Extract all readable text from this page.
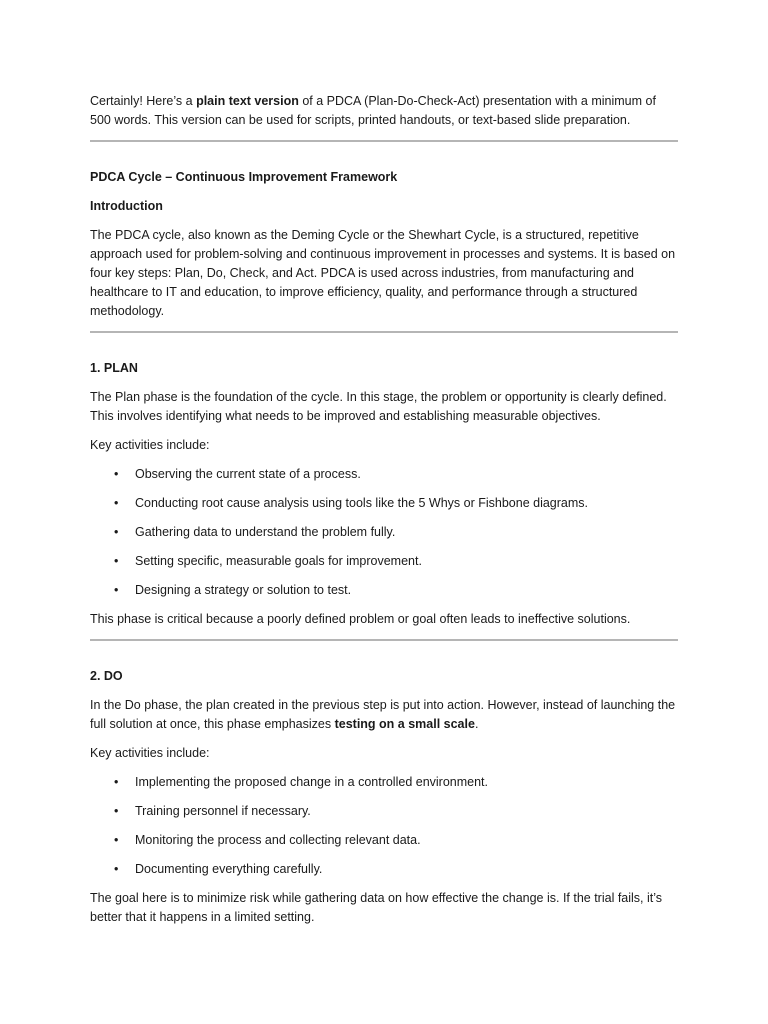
Certainly! Here’s a plain text version of a PDCA (Plan-Do-Check-Act) presentation with a minimum of 500 words. This version can be used for scripts, printed handouts, or text-based slide preparation.

PDCA Cycle – Continuous Improvement Framework

Introduction

The PDCA cycle, also known as the Deming Cycle or the Shewhart Cycle, is a structured, repetitive approach used for problem-solving and continuous improvement in processes and systems. It is based on four key steps: Plan, Do, Check, and Act. PDCA is used across industries, from manufacturing and healthcare to IT and education, to improve efficiency, quality, and performance through a structured methodology.

1. PLAN

The Plan phase is the foundation of the cycle. In this stage, the problem or opportunity is clearly defined. This involves identifying what needs to be improved and establishing measurable objectives.

Key activities include:

• Observing the current state of a process.
• Conducting root cause analysis using tools like the 5 Whys or Fishbone diagrams.
• Gathering data to understand the problem fully.
• Setting specific, measurable goals for improvement.
• Designing a strategy or solution to test.

This phase is critical because a poorly defined problem or goal often leads to ineffective solutions.

2. DO

In the Do phase, the plan created in the previous step is put into action. However, instead of launching the full solution at once, this phase emphasizes testing on a small scale.

Key activities include:

• Implementing the proposed change in a controlled environment.
• Training personnel if necessary.
• Monitoring the process and collecting relevant data.
• Documenting everything carefully.

The goal here is to minimize risk while gathering data on how effective the change is. If the trial fails, it’s better that it happens in a limited setting.
